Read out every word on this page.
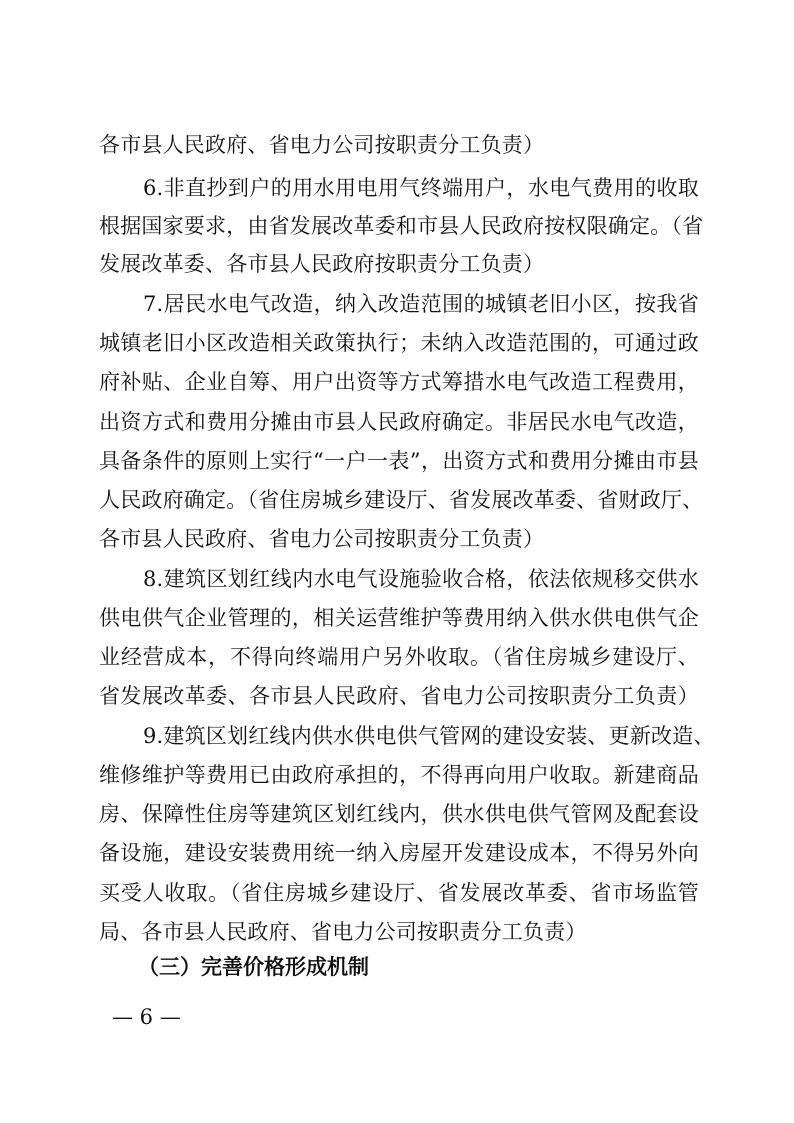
各市县人民政府、省电力公司按职责分工负责）
6.非直抄到户的用水用电用气终端用户，水电气费用的收取
根据国家要求，由省发展改革委和市县人民政府按权限确定。（省
发展改革委、各市县人民政府按职责分工负责）
7.居民水电气改造，纳入改造范围的城镇老旧小区，按我省
城镇老旧小区改造相关政策执行；未纳入改造范围的，可通过政
府补贴、企业自筹、用户出资等方式筹措水电气改造工程费用，
出资方式和费用分摊由市县人民政府确定。非居民水电气改造，
具备条件的原则上实行“一户一表”，出资方式和费用分摊由市县
人民政府确定。（省住房城乡建设厅、省发展改革委、省财政厅、
各市县人民政府、省电力公司按职责分工负责）
8.建筑区划红线内水电气设施验收合格，依法依规移交供水
供电供气企业管理的，相关运营维护等费用纳入供水供电供气企
业经营成本，不得向终端用户另外收取。（省住房城乡建设厅、
省发展改革委、各市县人民政府、省电力公司按职责分工负责）
9.建筑区划红线内供水供电供气管网的建设安装、更新改造、
维修维护等费用已由政府承担的，不得再向用户收取。新建商品
房、保障性住房等建筑区划红线内，供水供电供气管网及配套设
备设施，建设安装费用统一纳入房屋开发建设成本，不得另外向
买受人收取。（省住房城乡建设厅、省发展改革委、省市场监管
局、各市县人民政府、省电力公司按职责分工负责）
（三）完善价格形成机制
— 6 —
